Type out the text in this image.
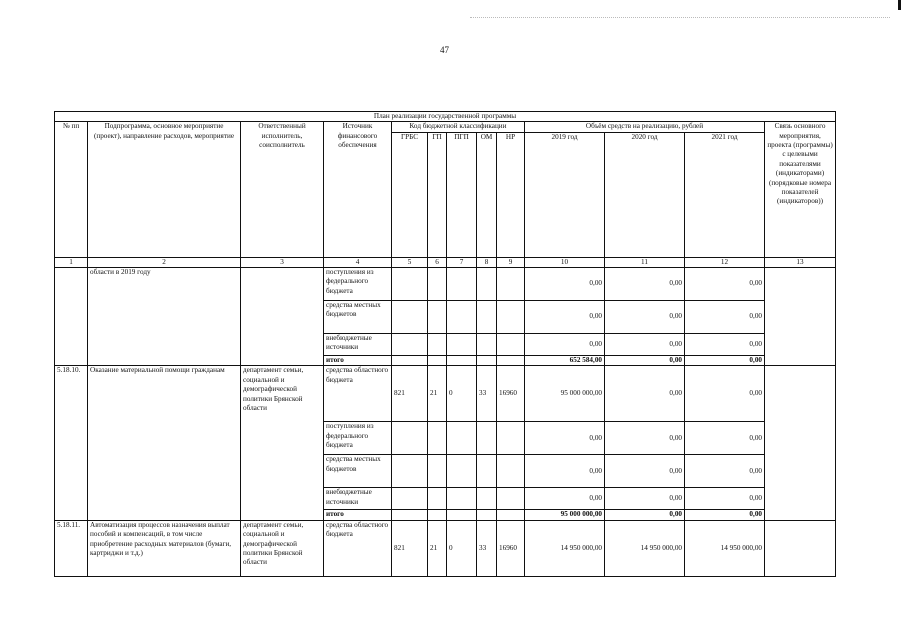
47
План реализации государственной программы												
№ пп	Подпрограмма, основное мероприятие (проект), направление расходов, мероприятие	Ответственный исполнитель, соисполнитель	Источник финансового обеспечения	Код бюджетной классификации					Объём средств на реализацию, рублей			Связь основного мероприятия, проекта (программы) с целевыми показателями (индикаторами) (порядковые номера показателей (индикаторов))
				ГРБС	ГП	ПГП	ОМ	НР	2019 год	2020 год	2021 год	
1	2	3	4	5	6	7	8	9	10	11	12	13
	области в 2019 году		поступления из федерального бюджета						0,00	0,00	0,00	
			средства местных бюджетов						0,00	0,00	0,00	
			внебюджетные источники						0,00	0,00	0,00	
			итого						652 584,00	0,00	0,00	
5.18.10.	Оказание материальной помощи гражданам	департамент семьи, социальной и демографической политики Брянской области	средства областного бюджета	821	21	0	33	16960	95 000 000,00	0,00	0,00	
			поступления из федерального бюджета						0,00	0,00	0,00	
			средства местных бюджетов						0,00	0,00	0,00	
			внебюджетные источники						0,00	0,00	0,00	
			итого						95 000 000,00	0,00	0,00	
5.18.11.	Автоматизация процессов назначения выплат пособий и компенсаций, в том числе приобретение расходных материалов (бумаги, картриджи и т.д.)	департамент семьи, социальной и демографической политики Брянской области	средства областного бюджета	821	21	0	33	16960	14 950 000,00	14 950 000,00	14 950 000,00	
